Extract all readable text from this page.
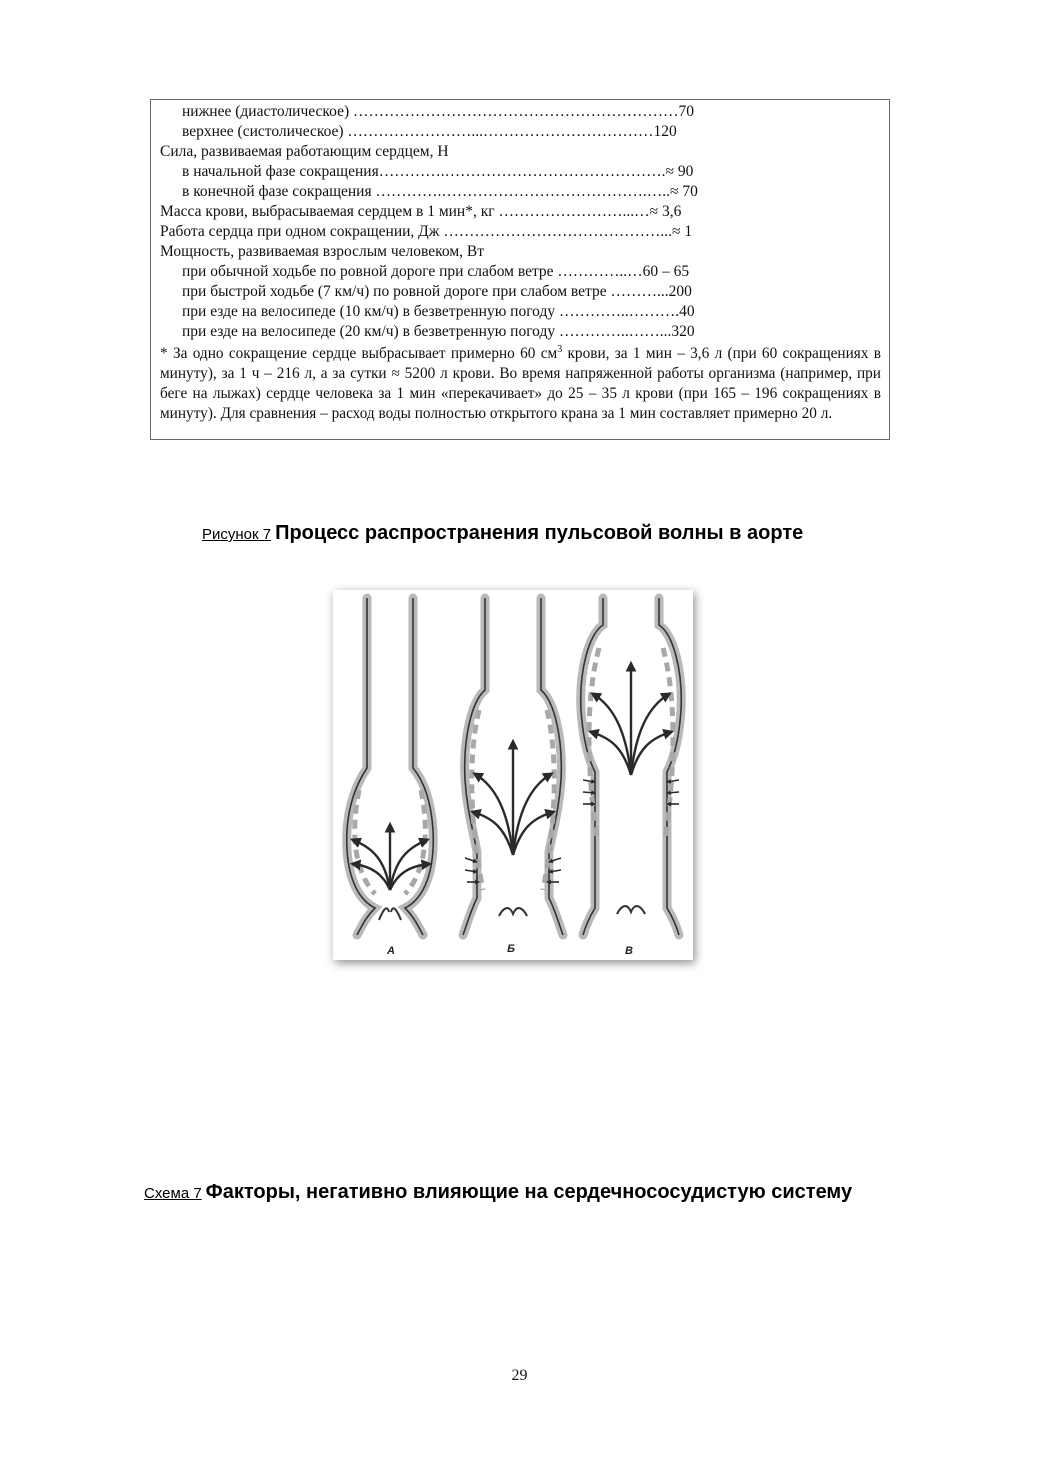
нижнее (диастолическое) ………………………………………………………70
верхнее (систолическое) ……………………...……………………………120
Сила, развиваемая работающим сердцем, Н
в начальной фазе сокращения………….…………………………………….≈ 90
в конечной фазе сокращения ………….………………………………….…..≈ 70
Масса крови, выбрасываемая сердцем в 1 мин*, кг ……………………...…≈ 3,6
Работа сердца при одном сокращении, Дж ……………………………………...≈ 1
Мощность, развиваемая взрослым человеком, Вт
при обычной ходьбе по ровной дороге при слабом ветре …………..…60 – 65
при быстрой ходьбе (7 км/ч) по ровной дороге при слабом ветре ………...200
при езде на велосипеде (10 км/ч) в безветренную погоду …………..……….40
при езде на велосипеде (20 км/ч) в безветренную погоду …………..……...320
* За одно сокращение сердце выбрасывает примерно 60 $см^3$ крови, за 1 мин – 3,6 л (при 60 сокращениях в минуту), за 1 ч – 216 л, а за сутки ≈ 5200 л крови. Во время напряженной работы организма (например, при беге на лыжах) сердце человека за 1 мин «перекачивает» до 25 – 35 л крови (при 165 – 196 сокращениях в минуту). Для сравнения – расход воды полностью открытого крана за 1 мин составляет примерно 20 л.
Рисунок 7 Процесс распространения пульсовой волны в аорте
А	Б	В
Схема 7 Факторы, негативно влияющие на сердечнососудистую систему
29
